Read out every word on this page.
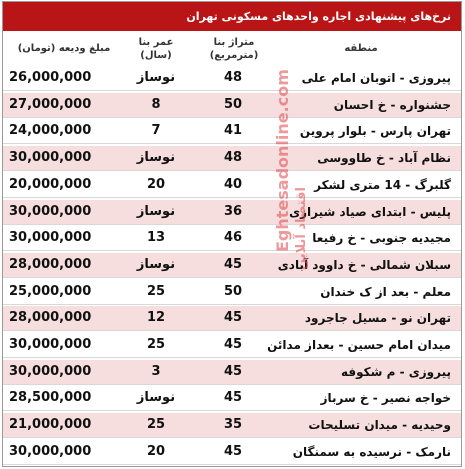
نرخ‌های پیشنهادی اجاره واحدهای مسکونی تهران
مبلغ ودیعه (تومان)
عمر بنا
(سال)
متراژ بنا
(مترمربع)
منطقه
26,000,000	نوساز	48	پیروزی - اتوبان امام علی
27,000,000	8	50	جشنواره - خ احسان
24,000,000	7	41	تهران پارس - بلوار پروین
30,000,000	نوساز	48	نظام آباد - خ طاووسی
20,000,000	20	40	گلبرگ - 14 متری لشکر
30,000,000	نوساز	36	پلیس - ابتدای صیاد شیرازی
30,000,000	13	46	مجیدیه جنوبی - خ رفیعا
28,000,000	نوساز	45	سبلان شمالی - خ داوود آبادی
25,000,000	25	50	معلم - بعد از ک خندان
28,000,000	12	45	تهران نو - مسیل جاجرود
30,000,000	25	45	میدان امام حسین - بعداز مدائن
30,000,000	3	45	پیروزی - م شکوفه
28,500,000	نوساز	45	خواجه نصیر - خ سرباز
21,000,000	25	35	وحیدیه - میدان تسلیحات
30,000,000	20	45	نارمک - نرسیده به سمنگان
Eghtesadonline.com اقتصاد آنلاین
